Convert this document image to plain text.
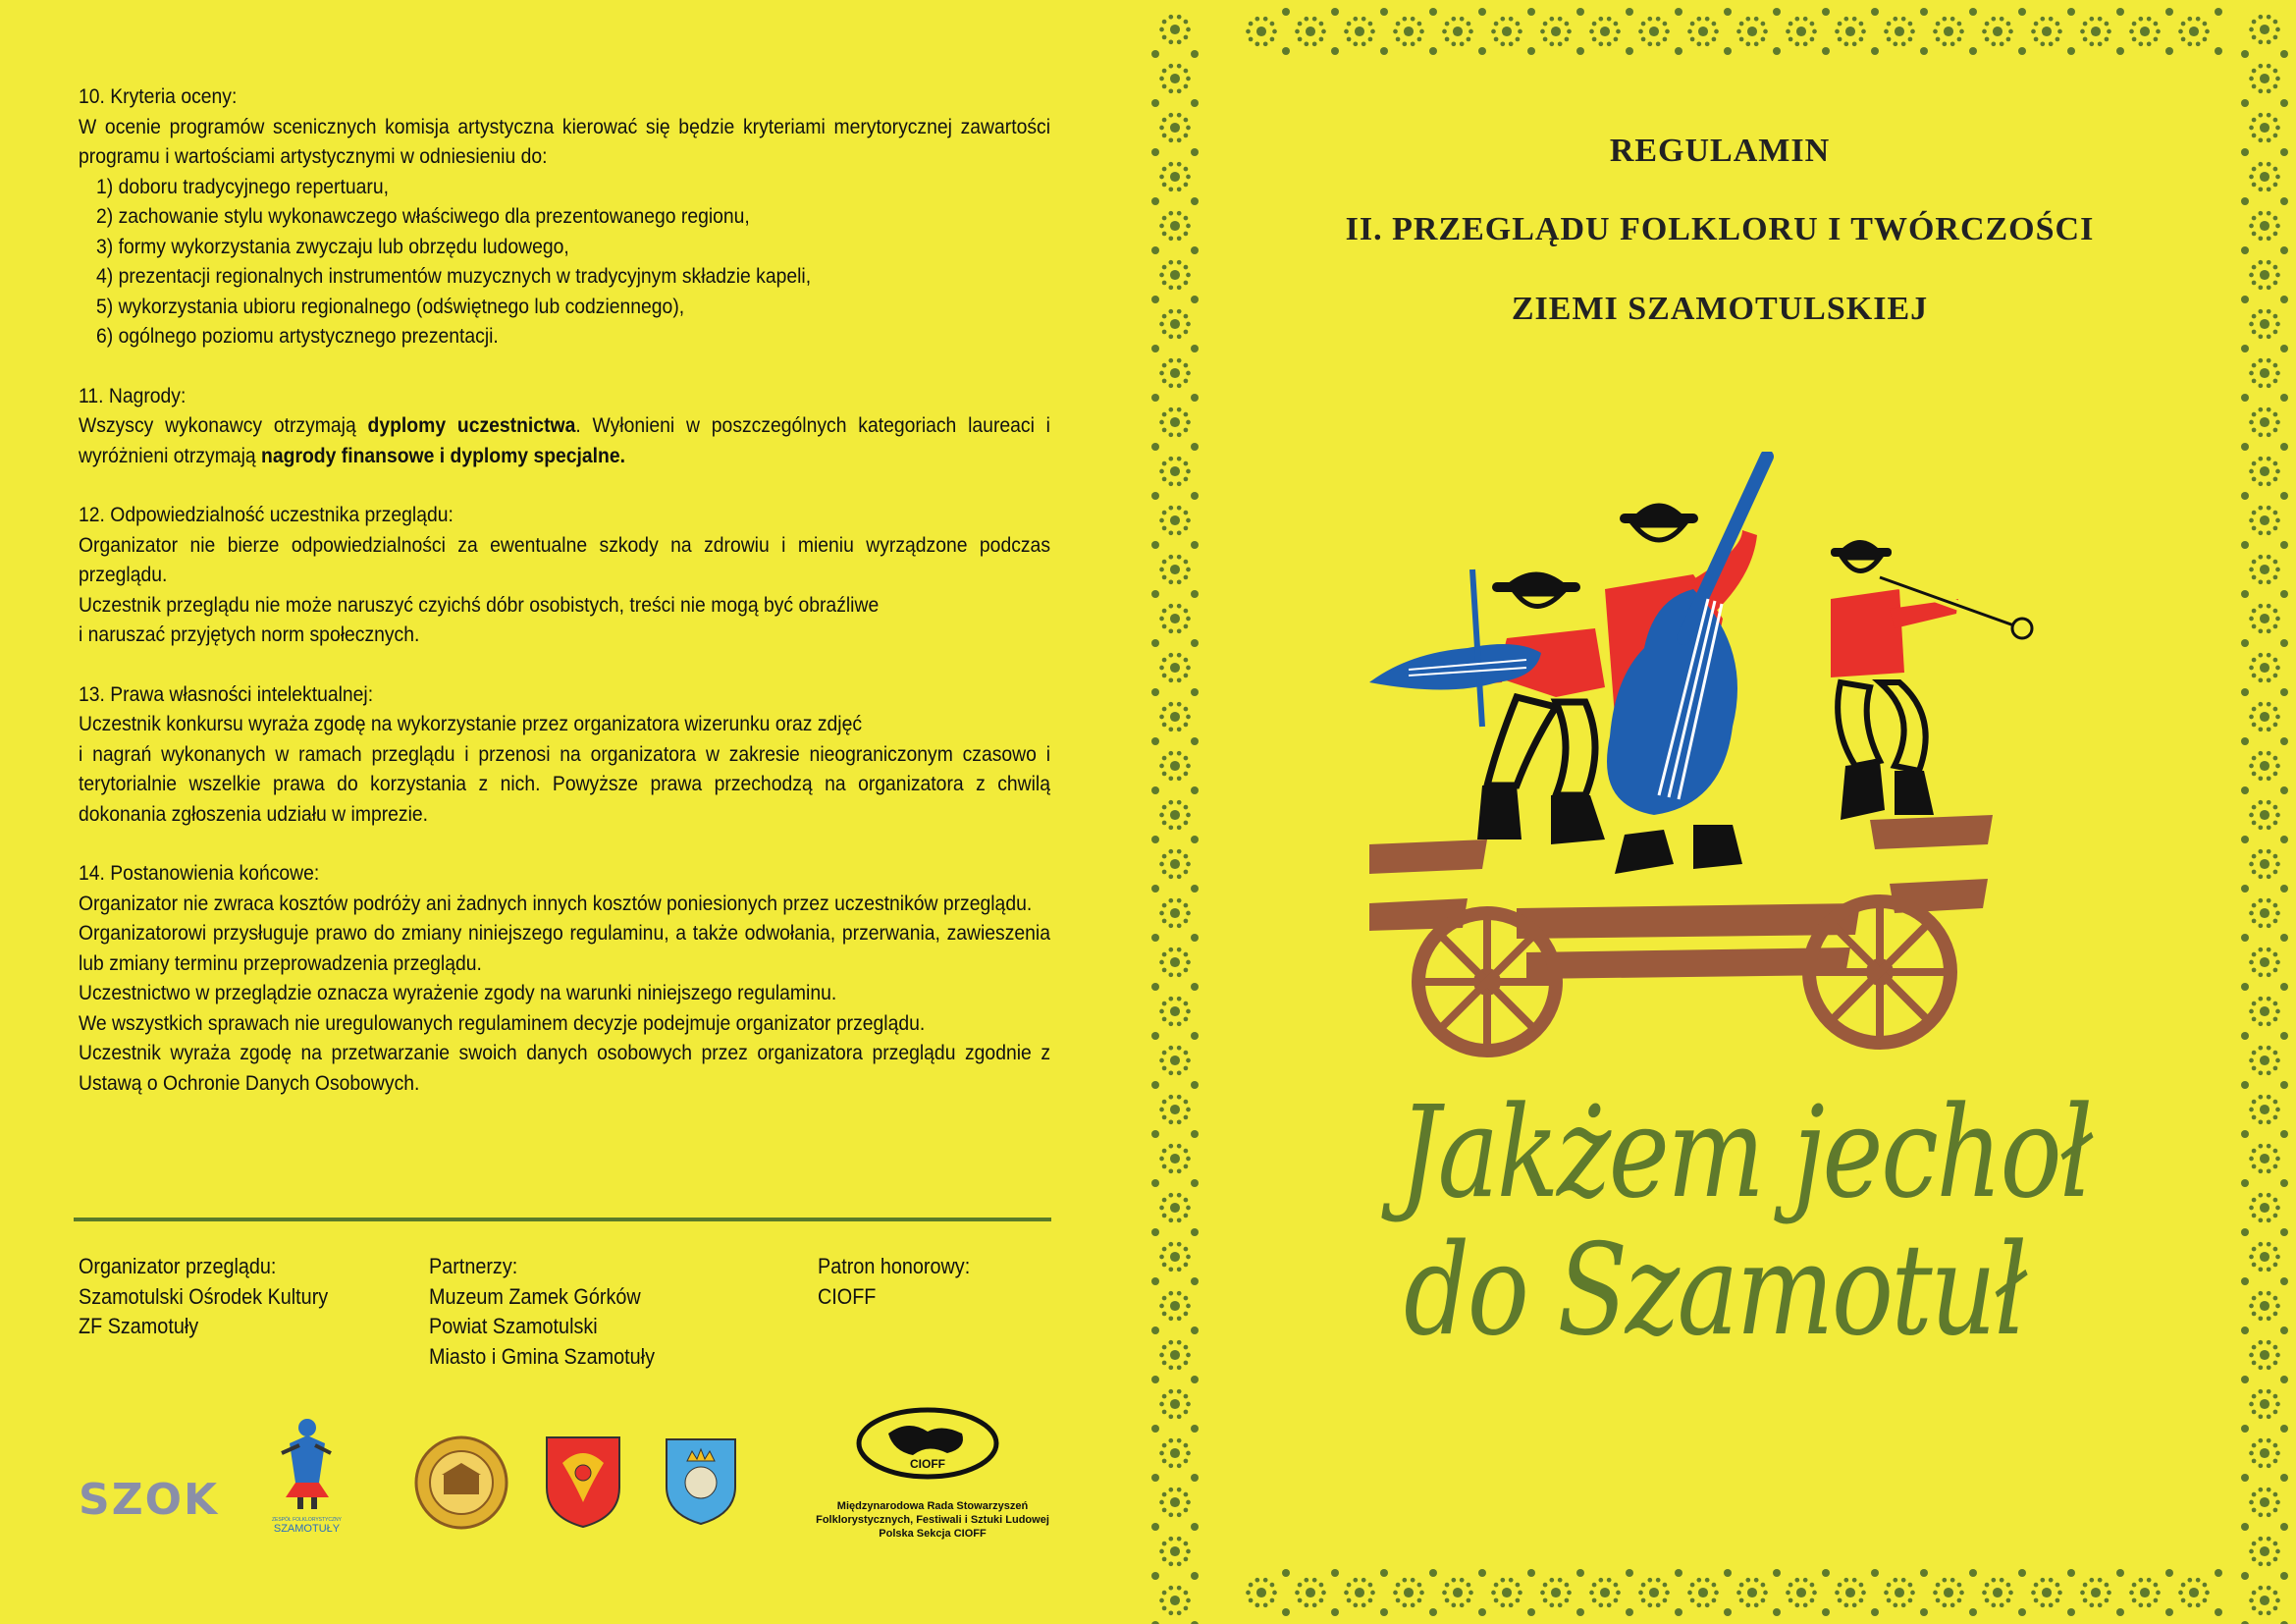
10. Kryteria oceny:

W ocenie programów scenicznych komisja artystyczna kierować się będzie kryteriami merytorycznej zawartości programu i wartościami artystycznymi w odniesieniu do:

1) doboru tradycyjnego repertuaru,

2) zachowanie stylu wykonawczego właściwego dla prezentowanego regionu,

3) formy wykorzystania zwyczaju lub obrzędu ludowego,

4) prezentacji regionalnych instrumentów muzycznych w tradycyjnym składzie kapeli,

5) wykorzystania ubioru regionalnego (odświętnego lub codziennego),

6) ogólnego poziomu artystycznego prezentacji.

11. Nagrody:

Wszyscy wykonawcy otrzymają dyplomy uczestnictwa. Wyłonieni w poszczególnych kategoriach laureaci i wyróżnieni otrzymają nagrody finansowe i dyplomy specjalne.

12. Odpowiedzialność uczestnika przeglądu:

Organizator nie bierze odpowiedzialności za ewentualne szkody na zdrowiu i mieniu wyrządzone podczas przeglądu.

Uczestnik przeglądu nie może naruszyć czyichś dóbr osobistych, treści nie mogą być obraźliwe

i naruszać przyjętych norm społecznych.

13. Prawa własności intelektualnej:

Uczestnik konkursu wyraża zgodę na wykorzystanie przez organizatora wizerunku oraz zdjęć

i nagrań wykonanych w ramach przeglądu i przenosi na organizatora w zakresie nieograniczonym czasowo i terytorialnie wszelkie prawa do korzystania z nich. Powyższe prawa przechodzą na organizatora z chwilą dokonania zgłoszenia udziału w imprezie.

14. Postanowienia końcowe:

Organizator nie zwraca kosztów podróży ani żadnych innych kosztów poniesionych przez uczestników przeglądu.

Organizatorowi przysługuje prawo do zmiany niniejszego regulaminu, a także odwołania, przerwania, zawieszenia lub zmiany terminu przeprowadzenia przeglądu.

Uczestnictwo w przeglądzie oznacza wyrażenie zgody na warunki niniejszego regulaminu.

We wszystkich sprawach nie uregulowanych regulaminem decyzje podejmuje organizator przeglądu.

Uczestnik wyraża zgodę na przetwarzanie swoich danych osobowych przez organizatora przeglądu zgodnie z Ustawą o Ochronie Danych Osobowych.

Organizator przeglądu:

Szamotulski Ośrodek Kultury

ZF Szamotuły

Partnerzy:

Muzeum Zamek Górków

Powiat Szamotulski

Miasto i Gmina Szamotuły

Patron honorowy:

CIOFF

SZOK	ZESPÓŁ FOLKLORYSTYCZNY
SZAMOTUŁY
CIOFF

Międzynarodowa Rada Stowarzyszeń

Folklorystycznych, Festiwali i Sztuki Ludowej

Polska Sekcja CIOFF

REGULAMIN
II. PRZEGLĄDU FOLKLORU I TWÓRCZOŚCI
ZIEMI SZAMOTULSKIEJ
Jakżem jechoł
do Szamotuł
